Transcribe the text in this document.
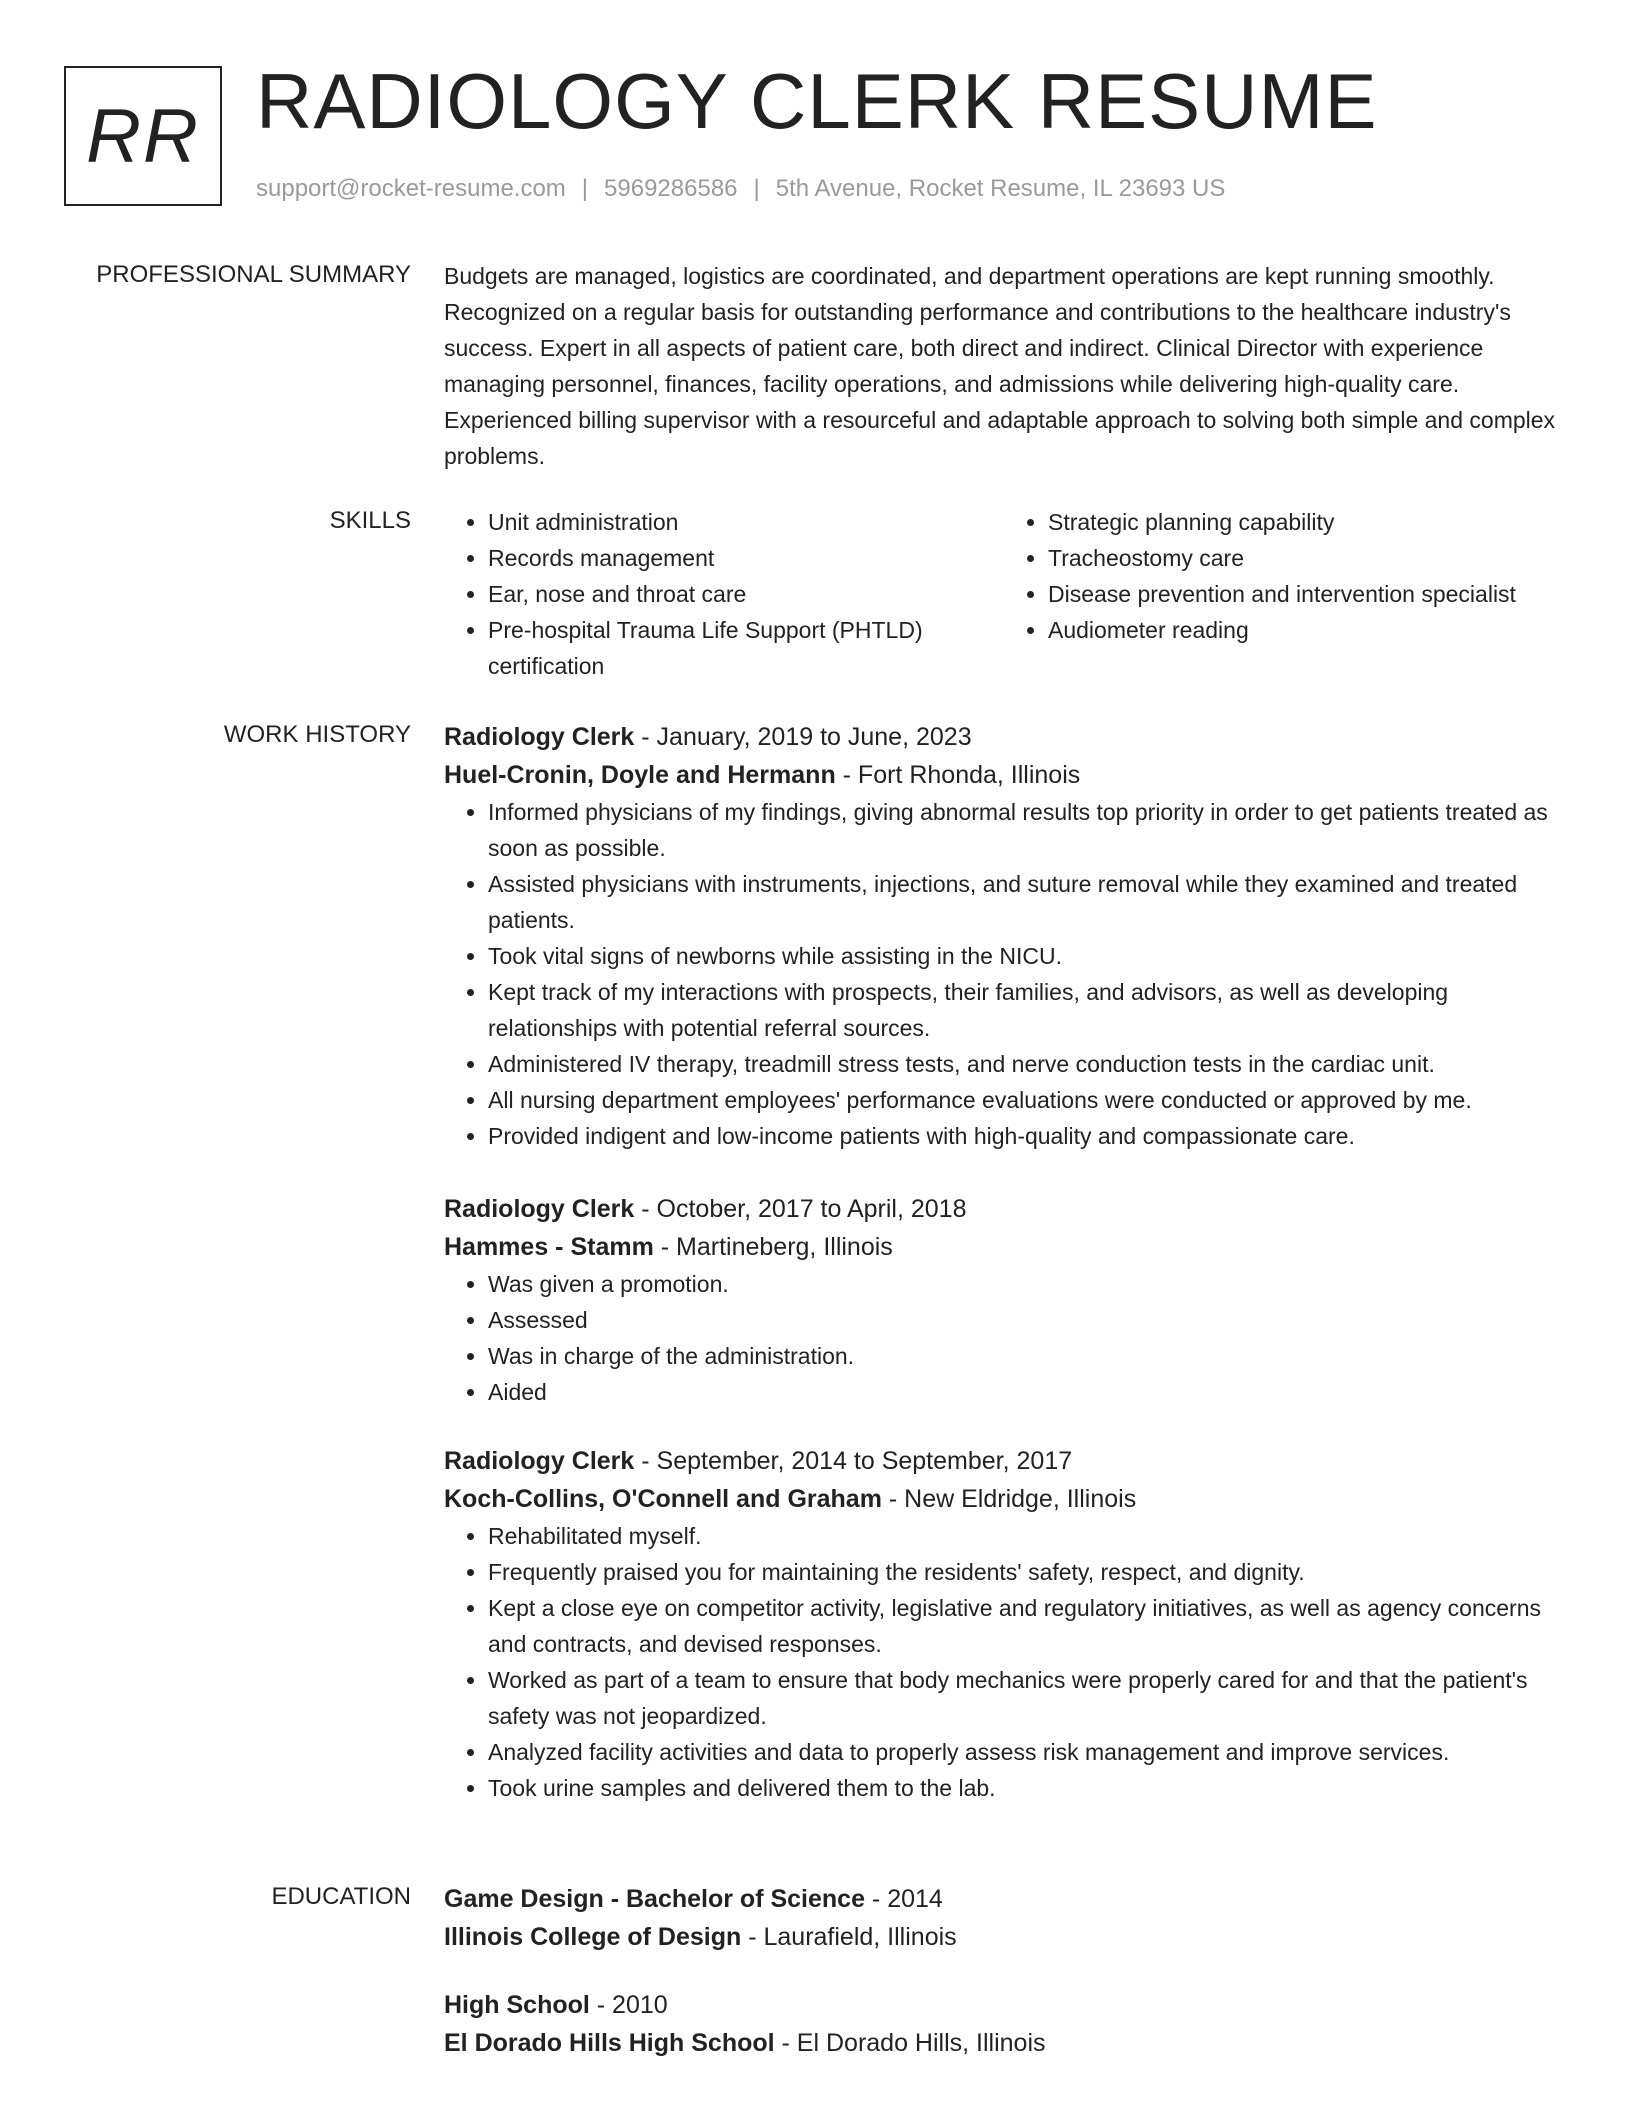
RR RADIOLOGY CLERK RESUME
support@rocket-resume.com | 5969286586 | 5th Avenue, Rocket Resume, IL 23693 US
PROFESSIONAL SUMMARY Budgets are managed, logistics are coordinated, and department operations are kept running smoothly. Recognized on a regular basis for outstanding performance and contributions to the healthcare industry's success. Expert in all aspects of patient care, both direct and indirect. Clinical Director with experience managing personnel, finances, facility operations, and admissions while delivering high-quality care. Experienced billing supervisor with a resourceful and adaptable approach to solving both simple and complex problems.

SKILLS
•	Unit administration
• Records management
• Ear, nose and throat care
• Pre-hospital Trauma Life Support (PHTLD) certification
• Strategic planning capability
• Tracheostomy care
• Disease prevention and intervention specialist
• Audiometer reading
WORK HISTORY Radiology Clerk - January, 2019 to June, 2023
Huel-Cronin, Doyle and Hermann - Fort Rhonda, Illinois
• Informed physicians of my findings, giving abnormal results top priority in order to get patients treated as soon as possible.
• Assisted physicians with instruments, injections, and suture removal while they examined and treated patients.
• Took vital signs of newborns while assisting in the NICU.
• Kept track of my interactions with prospects, their families, and advisors, as well as developing relationships with potential referral sources.
• Administered IV therapy, treadmill stress tests, and nerve conduction tests in the cardiac unit.
• All nursing department employees' performance evaluations were conducted or approved by me.
• Provided indigent and low-income patients with high-quality and compassionate care.
Radiology Clerk - October, 2017 to April, 2018
Hammes - Stamm - Martineberg, Illinois
• Was given a promotion.
• Assessed
• Was in charge of the administration.
• Aided
Radiology Clerk - September, 2014 to September, 2017
Koch-Collins, O'Connell and Graham - New Eldridge, Illinois
• Rehabilitated myself.
• Frequently praised you for maintaining the residents' safety, respect, and dignity.
• Kept a close eye on competitor activity, legislative and regulatory initiatives, as well as agency concerns and contracts, and devised responses.
• Worked as part of a team to ensure that body mechanics were properly cared for and that the patient's safety was not jeopardized.
• Analyzed facility activities and data to properly assess risk management and improve services.
• Took urine samples and delivered them to the lab.
EDUCATION Game Design - Bachelor of Science - 2014
Illinois College of Design - Laurafield, Illinois
High School - 2010
El Dorado Hills High School - El Dorado Hills, Illinois
